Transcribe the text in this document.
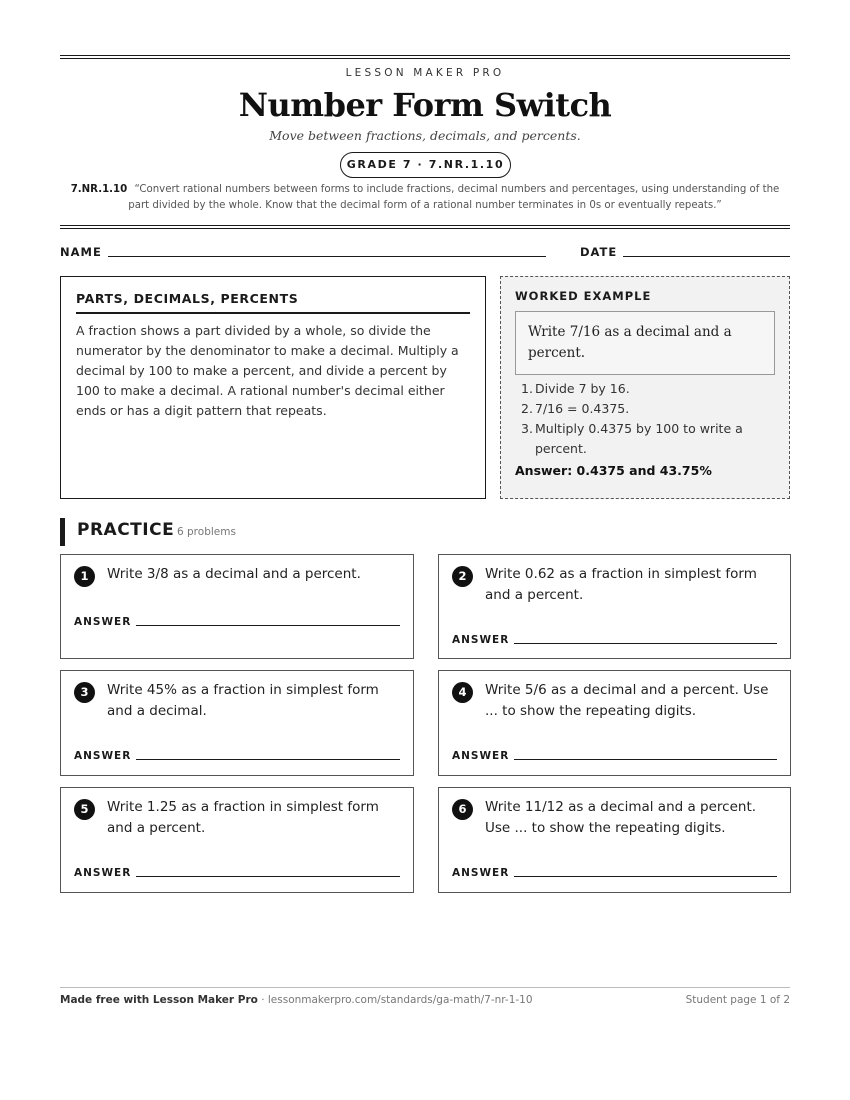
LESSON MAKER PRO
Number Form Switch
Move between fractions, decimals, and percents.
GRADE 7 · 7.NR.1.10
7.NR.1.10 “Convert rational numbers between forms to include fractions, decimal numbers and percentages, using understanding of the part divided by the whole. Know that the decimal form of a rational number terminates in 0s or eventually repeats.”
NAME	DATE
PARTS, DECIMALS, PERCENTS
A fraction shows a part divided by a whole, so divide the numerator by the denominator to make a decimal. Multiply a decimal by 100 to make a percent, and divide a percent by 100 to make a decimal. A rational number's decimal either ends or has a digit pattern that repeats.
WORKED EXAMPLE
Write 7/16 as a decimal and a percent.
1. Divide 7 by 16.
2. 7/16 = 0.4375.
3. Multiply 0.4375 by 100 to write a percent.
Answer: 0.4375 and 43.75%
PRACTICE 6 problems
1	Write 3/8 as a decimal and a percent.
ANSWER
2	Write 0.62 as a fraction in simplest form and a percent.
ANSWER
3	Write 45% as a fraction in simplest form and a decimal.
ANSWER
4	Write 5/6 as a decimal and a percent. Use ... to show the repeating digits.
ANSWER
5	Write 1.25 as a fraction in simplest form and a percent.
ANSWER
6	Write 11/12 as a decimal and a percent. Use ... to show the repeating digits.
ANSWER
Made free with Lesson Maker Pro · lessonmakerpro.com/standards/ga-math/7-nr-1-10	Student page 1 of 2
